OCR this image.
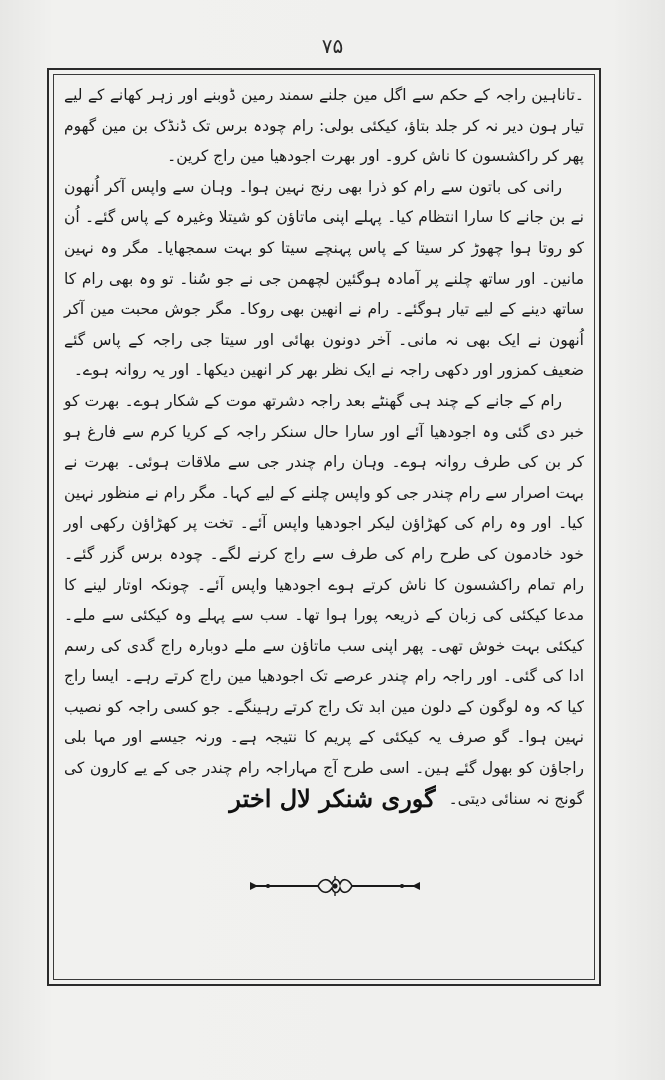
۷۵

۔تاناہین راجہ کے حکم سے اگل مین جلنے سمند رمین ڈوبنے اور زہر کھانے کے لیے تیار ہون دیر نہ کر جلد بتاؤ، کیکئی بولی: رام چودہ برس تک ڈنڈک بن مین گھوم پھر کر راکشسون کا ناش کرو۔ اور بھرت اجودھیا مین راج کرین۔

رانی کی باتون سے رام کو ذرا بھی رنج نہین ہوا۔ وہان سے واپس آکر اُنھون نے بن جانے کا سارا انتظام کیا۔ پہلے اپنی ماتاؤن کو شیتلا وغیرہ کے پاس گئے۔ اُن کو روتا ہوا چھوڑ کر سیتا کے پاس پہنچے سیتا کو بہت سمجھایا۔ مگر وہ نہین مانین۔ اور ساتھ چلنے پر آمادہ ہوگئین لچھمن جی نے جو سُنا۔ تو وہ بھی رام کا ساتھ دینے کے لیے تیار ہوگئے۔ رام نے انھین بھی روکا۔ مگر جوش محبت مین آکر اُنھون نے ایک بھی نہ مانی۔ آخر دونون بھائی اور سیتا جی راجہ کے پاس گئے ضعیف کمزور اور دکھی راجہ نے ایک نظر بھر کر انھین دیکھا۔ اور یہ روانہ ہوے۔

رام کے جانے کے چند ہی گھنٹے بعد راجہ دشرتھ موت کے شکار ہوے۔ بھرت کو خبر دی گئی وہ اجودھیا آئے اور سارا حال سنکر راجہ کے کریا کرم سے فارغ ہو کر بن کی طرف روانہ ہوے۔ وہان رام چندر جی سے ملاقات ہوئی۔ بھرت نے بہت اصرار سے رام چندر جی کو واپس چلنے کے لیے کہا۔ مگر رام نے منظور نہین کیا۔ اور وہ رام کی کھڑاؤن لیکر اجودھیا واپس آئے۔ تخت پر کھڑاؤن رکھی اور خود خادمون کی طرح رام کی طرف سے راج کرنے لگے۔ چودہ برس گزر گئے۔ رام تمام راکشسون کا ناش کرتے ہوے اجودھیا واپس آئے۔ چونکہ اوتار لینے کا مدعا کیکئی کی زبان کے ذریعہ پورا ہوا تھا۔ سب سے پہلے وہ کیکئی سے ملے۔ کیکئی بہت خوش تھی۔ پھر اپنی سب ماتاؤن سے ملے دوبارہ راج گدی کی رسم ادا کی گئی۔ اور راجہ رام چندر عرصے تک اجودھیا مین راج کرتے رہے۔ ایسا راج کیا کہ وہ لوگون کے دلون مین ابد تک راج کرتے رہینگے۔ جو کسی راجہ کو نصیب نہین ہوا۔ گو صرف یہ کیکئی کے پریم کا نتیجہ ہے۔ ورنہ جیسے اور مہا بلی راجاؤن کو بھول گئے ہین۔ اسی طرح آج مہاراجہ رام چندر جی کے یے کارون کی گونج نہ سنائی دیتی۔

گوری شنکر لال اختر
